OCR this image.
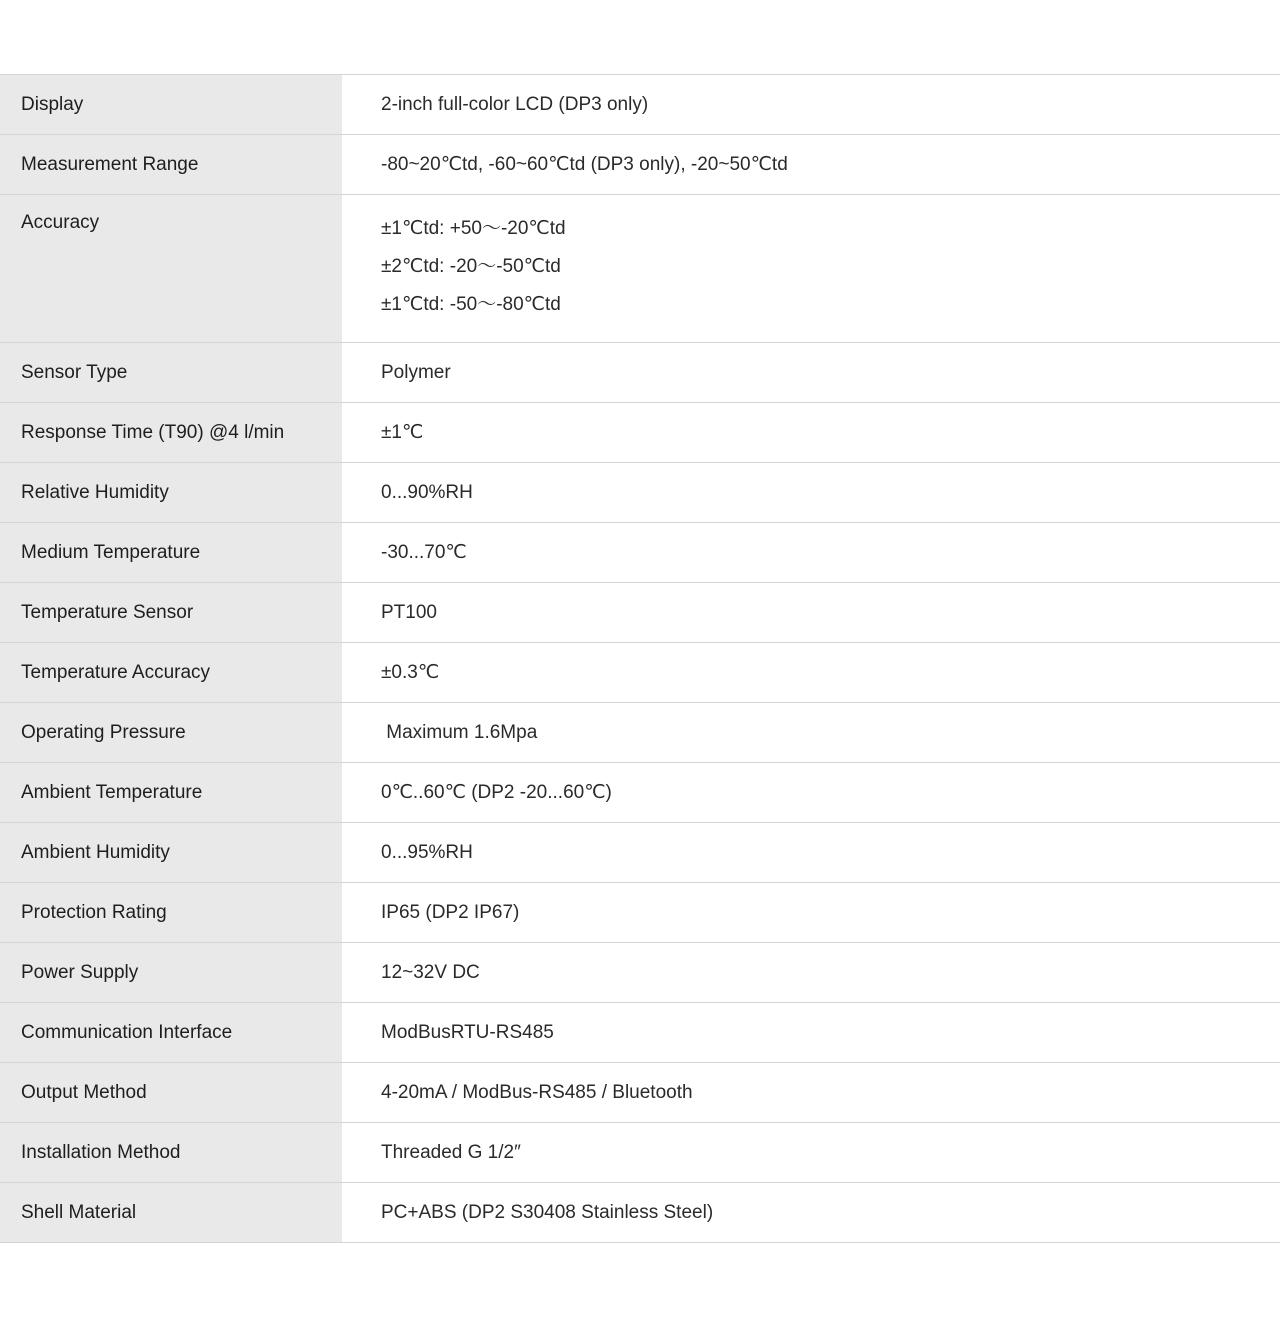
Display	2-inch full-color LCD (DP3 only)
Measurement Range	-80~20℃td, -60~60℃td (DP3 only), -20~50℃td
Accuracy	±1℃td: +50～-20℃td
±2℃td: -20～-50℃td
±1℃td: -50～-80℃td

Sensor Type	Polymer
Response Time (T90) @4 l/min	±1℃
Relative Humidity	0...90%RH
Medium Temperature	-30...70℃
Temperature Sensor	PT100
Temperature Accuracy	±0.3℃
Operating Pressure	Maximum 1.6Mpa
Ambient Temperature	0℃..60℃ (DP2 -20...60℃)
Ambient Humidity	0...95%RH
Protection Rating	IP65 (DP2 IP67)
Power Supply	12~32V DC
Communication Interface	ModBusRTU-RS485
Output Method	4-20mA / ModBus-RS485 / Bluetooth
Installation Method	Threaded G 1/2″
Shell Material	PC+ABS (DP2 S30408 Stainless Steel)
